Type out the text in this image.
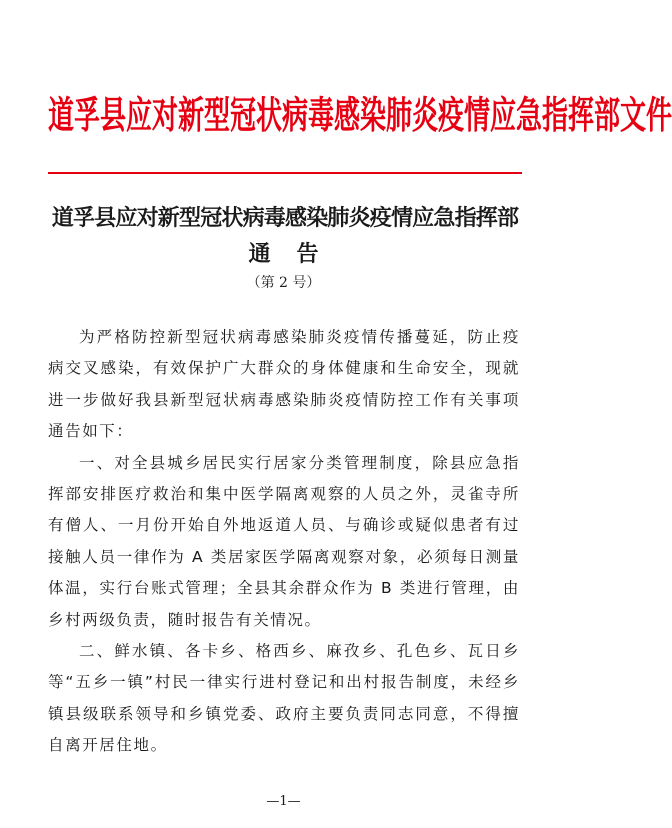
道孚县应对新型冠状病毒感染肺炎疫情应急指挥部文件
道孚县应对新型冠状病毒感染肺炎疫情应急指挥部
通告
（第 2 号）

为严格防控新型冠状病毒感染肺炎疫情传播蔓延，防止疫病交叉感染，有效保护广大群众的身体健康和生命安全，现就进一步做好我县新型冠状病毒感染肺炎疫情防控工作有关事项通告如下：

一、对全县城乡居民实行居家分类管理制度，除县应急指挥部安排医疗救治和集中医学隔离观察的人员之外，灵雀寺所有僧人、一月份开始自外地返道人员、与确诊或疑似患者有过接触人员一律作为 A 类居家医学隔离观察对象，必须每日测量体温，实行台账式管理；全县其余群众作为 B 类进行管理，由乡村两级负责，随时报告有关情况。

二、鲜水镇、各卡乡、格西乡、麻孜乡、孔色乡、瓦日乡等“五乡一镇”村民一律实行进村登记和出村报告制度，未经乡镇县级联系领导和乡镇党委、政府主要负责同志同意，不得擅自离开居住地。

—1—
